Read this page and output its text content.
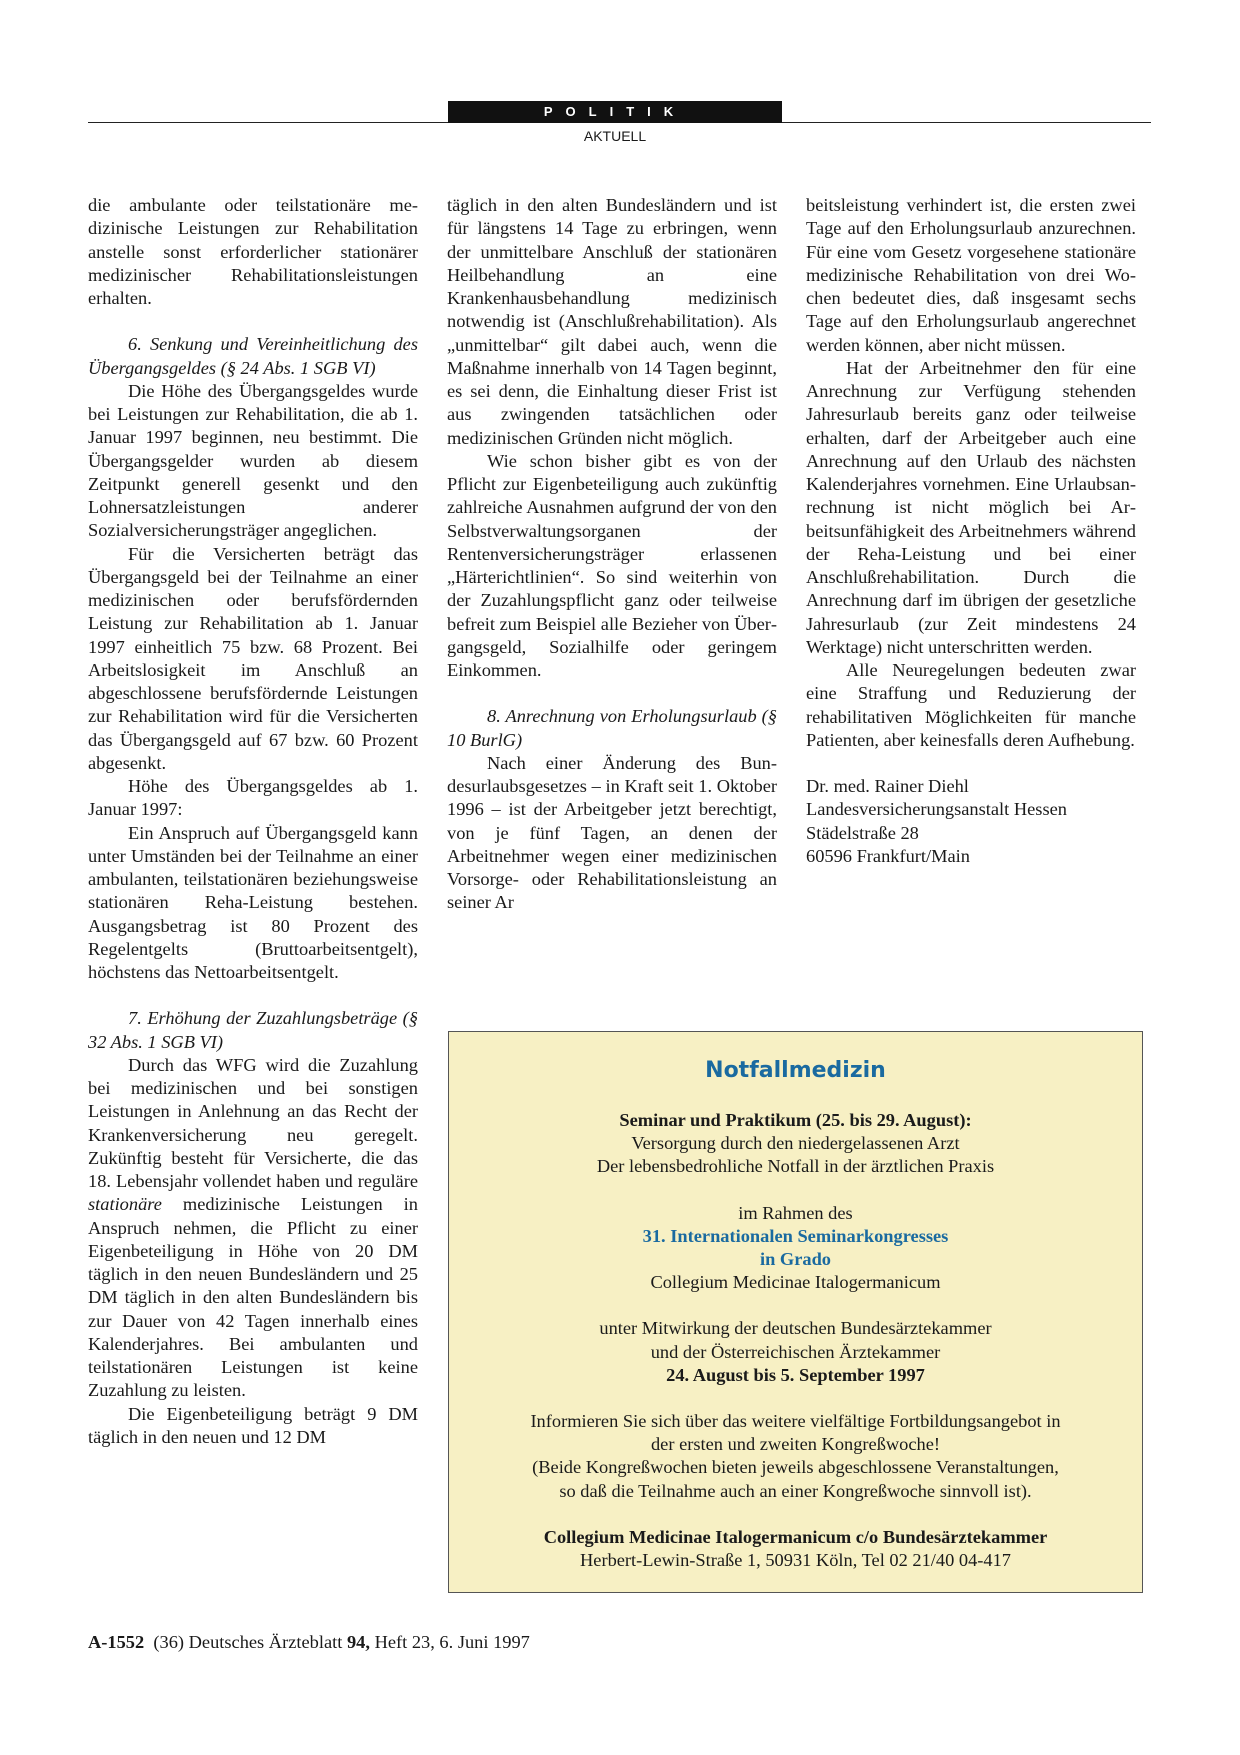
POLITIK
AKTUELL

die ambulante oder teilstationäre medizinische Leistungen zur Rehabilitation anstelle sonst erforderlicher stationärer medizinischer Rehabilitationsleistungen erhalten.

6. Senkung und Vereinheitlichung des Übergangsgeldes (§ 24 Abs. 1 SGB VI)

Die Höhe des Übergangsgeldes wurde bei Leistungen zur Rehabilitation, die ab 1. Januar 1997 beginnen, neu bestimmt. Die Übergangsgelder wurden ab diesem Zeitpunkt generell gesenkt und den Lohnersatzleistungen anderer Sozialversicherungsträger angeglichen.

Für die Versicherten beträgt das Übergangsgeld bei der Teilnahme an einer medizinischen oder berufsfördernden Leistung zur Rehabilitation ab 1. Januar 1997 einheitlich 75 bzw. 68 Prozent. Bei Arbeitslosigkeit im Anschluß an abgeschlossene berufsfördernde Leistungen zur Rehabilitation wird für die Versicherten das Übergangsgeld auf 67 bzw. 60 Prozent abgesenkt.

Höhe des Übergangsgeldes ab 1. Januar 1997:

Ein Anspruch auf Übergangsgeld kann unter Umständen bei der Teilnahme an einer ambulanten, teilstationären beziehungsweise stationären Reha-Leistung bestehen. Ausgangsbetrag ist 80 Prozent des Regelentgelts (Bruttoarbeitsentgelt), höchstens das Nettoarbeitsentgelt.

7. Erhöhung der Zuzahlungsbeträge (§ 32 Abs. 1 SGB VI)

Durch das WFG wird die Zuzahlung bei medizinischen und bei sonstigen Leistungen in Anlehnung an das Recht der Krankenversicherung neu geregelt. Zukünftig besteht für Versicherte, die das 18. Lebensjahr vollendet haben und reguläre stationäre medizinische Leistungen in Anspruch nehmen, die Pflicht zu einer Eigenbeteiligung in Höhe von 20 DM täglich in den neuen Bundesländern und 25 DM täglich in den alten Bundesländern bis zur Dauer von 42 Tagen innerhalb eines Kalenderjahres. Bei ambulanten und teilstationären Leistungen ist keine Zuzahlung zu leisten.

Die Eigenbeteiligung beträgt 9 DM täglich in den neuen und 12 DM

täglich in den alten Bundesländern und ist für längstens 14 Tage zu erbringen, wenn der unmittelbare Anschluß der stationären Heilbehandlung an eine Krankenhausbehandlung medizinisch notwendig ist (Anschlußrehabilitation). Als „unmittelbar“ gilt dabei auch, wenn die Maßnahme innerhalb von 14 Tagen beginnt, es sei denn, die Einhaltung dieser Frist ist aus zwingenden tatsächlichen oder medizinischen Gründen nicht möglich.

Wie schon bisher gibt es von der Pflicht zur Eigenbeteiligung auch zukünftig zahlreiche Ausnahmen aufgrund der von den Selbstverwaltungsorganen der Rentenversicherungsträger erlassenen „Härterichtlinien“. So sind weiterhin von der Zuzahlungspflicht ganz oder teilweise befreit zum Beispiel alle Bezieher von Übergangsgeld, Sozialhilfe oder geringem Einkommen.

8. Anrechnung von Erholungsurlaub (§ 10 BurlG)

Nach einer Änderung des Bundesurlaubsgesetzes – in Kraft seit 1. Oktober 1996 – ist der Arbeitgeber jetzt berechtigt, von je fünf Tagen, an denen der Arbeitnehmer wegen einer medizinischen Vorsorge- oder Rehabilitationsleistung an seiner Ar

beitsleistung verhindert ist, die ersten zwei Tage auf den Erholungsurlaub anzurechnen. Für eine vom Gesetz vorgesehene stationäre medizinische Rehabilitation von drei Wochen bedeutet dies, daß insgesamt sechs Tage auf den Erholungsurlaub angerechnet werden können, aber nicht müssen.

Hat der Arbeitnehmer den für eine Anrechnung zur Verfügung stehenden Jahresurlaub bereits ganz oder teilweise erhalten, darf der Arbeitgeber auch eine Anrechnung auf den Urlaub des nächsten Kalenderjahres vornehmen. Eine Urlaubsanrechnung ist nicht möglich bei Arbeitsunfähigkeit des Arbeitnehmers während der Reha-Leistung und bei einer Anschlußrehabilitation. Durch die Anrechnung darf im übrigen der gesetzliche Jahresurlaub (zur Zeit mindestens 24 Werktage) nicht unterschritten werden.

Alle Neuregelungen bedeuten zwar eine Straffung und Reduzierung der rehabilitativen Möglichkeiten für manche Patienten, aber keinesfalls deren Aufhebung.

Dr. med. Rainer Diehl

Landesversicherungsanstalt Hessen

Städelstraße 28

60596 Frankfurt/Main

Notfallmedizin

Seminar und Praktikum (25. bis 29. August):

Versorgung durch den niedergelassenen Arzt

Der lebensbedrohliche Notfall in der ärztlichen Praxis

im Rahmen des

31. Internationalen Seminarkongresses

in Grado

Collegium Medicinae Italogermanicum

unter Mitwirkung der deutschen Bundesärztekammer

und der Österreichischen Ärztekammer

24. August bis 5. September 1997

Informieren Sie sich über das weitere vielfältige Fortbildungsangebot in

der ersten und zweiten Kongreßwoche!

(Beide Kongreßwochen bieten jeweils abgeschlossene Veranstaltungen,

so daß die Teilnahme auch an einer Kongreßwoche sinnvoll ist).

Collegium Medicinae Italogermanicum c/o Bundesärztekammer

Herbert-Lewin-Straße 1, 50931 Köln, Tel 02 21/40 04-417

A-1552 (36) Deutsches Ärzteblatt 94, Heft 23, 6. Juni 1997
